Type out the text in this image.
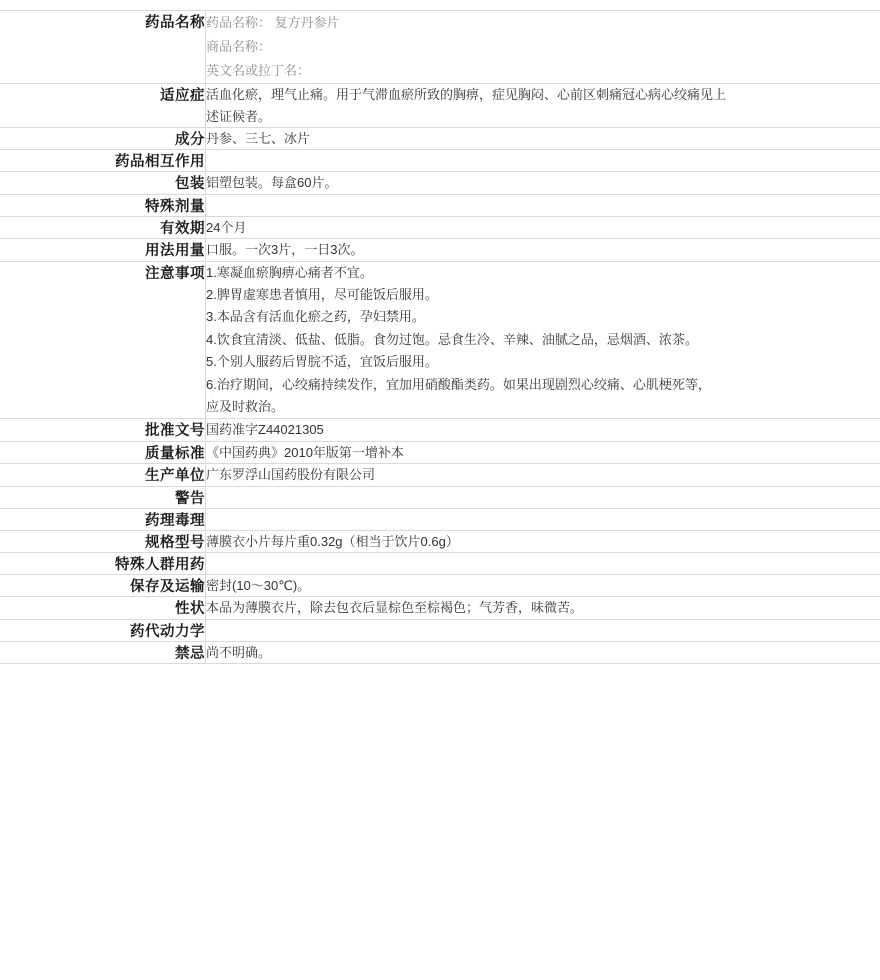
药品名称	药品名称： 复方丹参片
商品名称：
英文名或拉丁名：

适应症	活血化瘀，理气止痛。用于气滞血瘀所致的胸痹，症见胸闷、心前区刺痛冠心病心绞痛见上
述证候者。

成分	丹参、三七、冰片

药品相互作用	
包装	铝塑包装。每盒60片。

特殊剂量	
有效期	24个月

用法用量	口服。一次3片，一日3次。

注意事项	1.寒凝血瘀胸痹心痛者不宜。
2.脾胃虚寒患者慎用，尽可能饭后服用。
3.本品含有活血化瘀之药，孕妇禁用。
4.饮食宜清淡、低盐、低脂。食勿过饱。忌食生冷、辛辣、油腻之品，忌烟酒、浓茶。
5.个别人服药后胃脘不适，宜饭后服用。
6.治疗期间，心绞痛持续发作，宜加用硝酸酯类药。如果出现剧烈心绞痛、心肌梗死等，
应及时救治。

批准文号	国药准字Z44021305

质量标准	《中国药典》2010年版第一增补本

生产单位	广东罗浮山国药股份有限公司

警告	
药理毒理	
规格型号	薄膜衣小片每片重0.32g（相当于饮片0.6g）

特殊人群用药	
保存及运输	密封(10～30℃)。

性状	本品为薄膜衣片，除去包衣后显棕色至棕褐色；气芳香，味微苦。

药代动力学	
禁忌	尚不明确。
